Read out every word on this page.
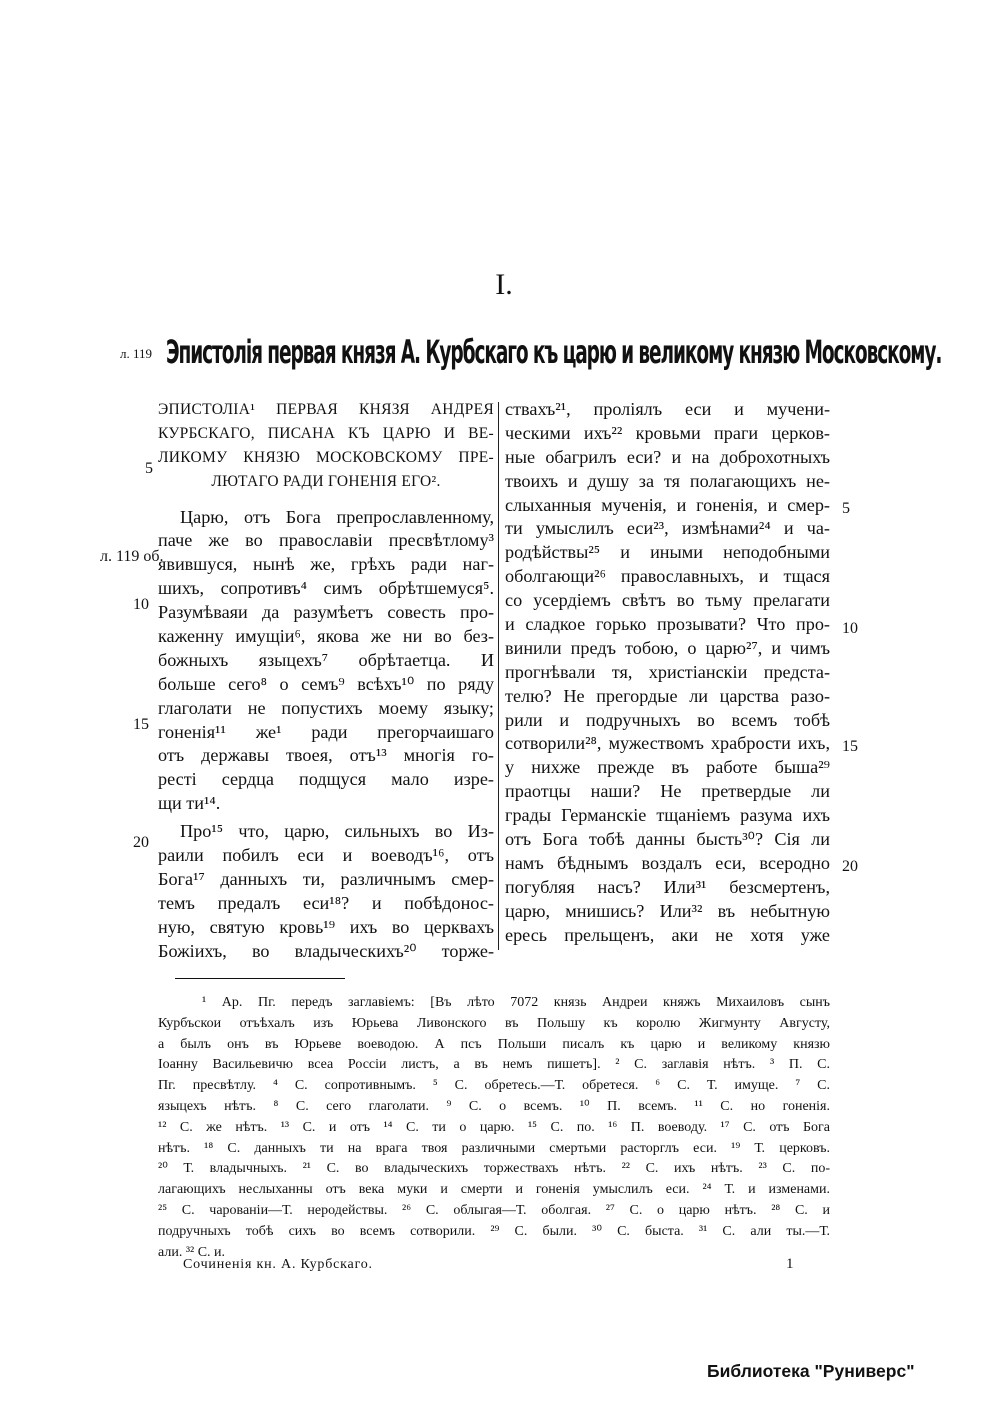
I.
л. 119 Эпистолія первая князя А. Курбскаго къ царю и великому князю Московскому.
ЭПИСТОЛІА¹ ПЕРВАЯ КНЯЗЯ АНДРЕЯ
КУРБСКАГО, ПИСАНА КЪ ЦАРЮ И ВЕ-
ЛИКОМУ КНЯЗЮ МОСКОВСКОМУ ПРЕ-
ЛЮТАГО РАДИ ГОНЕНІЯ ЕГО².
Царю, отъ Бога препрославленному,
паче же во православіи пресвѣтлому³
явившуся, нынѣ же, грѣхъ ради наг-
шихъ, сопротивъ⁴ симъ обрѣтшемуся⁵.
Разумѣваяи да разумѣетъ совесть про-
каженну имущіи⁶, якова же ни во без-
божныхъ языцехъ⁷ обрѣтаетца. И
больше сего⁸ о семъ⁹ всѣхъ¹⁰ по ряду
глаголати не попустихъ моему языку;
гоненія¹¹ же¹ ради прегорчаишаго
отъ державы твоея, отъ¹³ многія го-
ресті сердца подщуся мало изре-
щи ти¹⁴.
Про¹⁵ что, царю, сильныхъ во Из-
раили побилъ еси и воеводъ¹⁶, отъ
Бога¹⁷ данныхъ ти, различнымъ смер-
темъ предалъ еси¹⁸? и побѣдонос-
ную, святую кровь¹⁹ ихъ во церквахъ
Божіихъ, во владыческихъ²⁰ торже-
ствахъ²¹, проліялъ еси и мучени-
ческими ихъ²² кровьми праги церков-
ные обагрилъ еси? и на доброхотныхъ
твоихъ и душу за тя полагающихъ не-
слыханныя мученія, и гоненія, и смер-
ти умыслилъ еси²³, измѣнами²⁴ и ча-
родѣйствы²⁵ и иными неподобными
оболгающи²⁶ православныхъ, и тщася
со усердіемъ свѣтъ во тьму прелагати
и сладкое горько прозывати? Что про-
винили предъ тобою, о царю²⁷, и чимъ
прогнѣвали тя, христіанскіи предста-
телю? Не прегордые ли царства разо-
рили и подручныхъ во всемъ тобѣ
сотворили²⁸, мужествомъ храбрости ихъ,
у нихже прежде въ работе быша²⁹
праотцы наши? Не претвердые ли
грады Германскіе тщаніемъ разума ихъ
отъ Бога тобѣ данны бысть³⁰? Сія ли
намъ бѣднымъ воздалъ еси, всеродно
погубляя насъ? Или³¹ безсмертенъ,
царю, мнишись? Или³² въ небытную
ересь прельщенъ, аки не хотя уже
л. 119 об.
5
10
15
20
5
10
15
20
¹ Ар. Пг. передъ заглавіемъ: [Въ лѣто 7072 князь Андреи княжъ Михаиловъ сынъ
Курбъскои отъѣхалъ изъ Юрьева Ливонского въ Польшу къ королю Жигмунту Августу,
а былъ онъ въ Юрьеве воеводою. А псъ Польши писалъ къ царю и великому князю
Іоанну Васильевичю всеа Россіи листъ, а въ немъ пишетъ]. ² С. заглавія нѣтъ. ³ П. С.
Пг. пресвѣтлу. ⁴ С. сопротивнымъ. ⁵ С. обретесь.—Т. обретеся. ⁶ С. Т. имуще. ⁷ С.
языцехъ нѣтъ. ⁸ С. сего глаголати. ⁹ С. о всемъ. ¹⁰ П. всемъ. ¹¹ С. но гоненія.
¹² С. же нѣтъ. ¹³ С. и отъ ¹⁴ С. ти о царю. ¹⁵ С. по. ¹⁶ П. воеводу. ¹⁷ С. отъ Бога
нѣтъ. ¹⁸ С. данныхъ ти на врага твоя различными смертьми расторглъ еси. ¹⁹ Т. церковъ.
²⁰ Т. владычныхъ. ²¹ С. во владыческихъ торжествахъ нѣтъ. ²² С. ихъ нѣтъ. ²³ С. по-
лагающихъ неслыханны отъ века муки и смерти и гоненія умыслилъ еси. ²⁴ Т. и изменами.
²⁵ С. чарованіи—Т. неродействы. ²⁶ С. облыгая—Т. оболгая. ²⁷ С. о царю нѣтъ. ²⁸ С. и
подручныхъ тобѣ сихъ во всемъ сотворили. ²⁹ С. были. ³⁰ С. быста. ³¹ С. али ты.—Т.
али. ³² С. и.
Сочиненія кн. А. Курбскаго.	1
Библиотека "Руниверс"
